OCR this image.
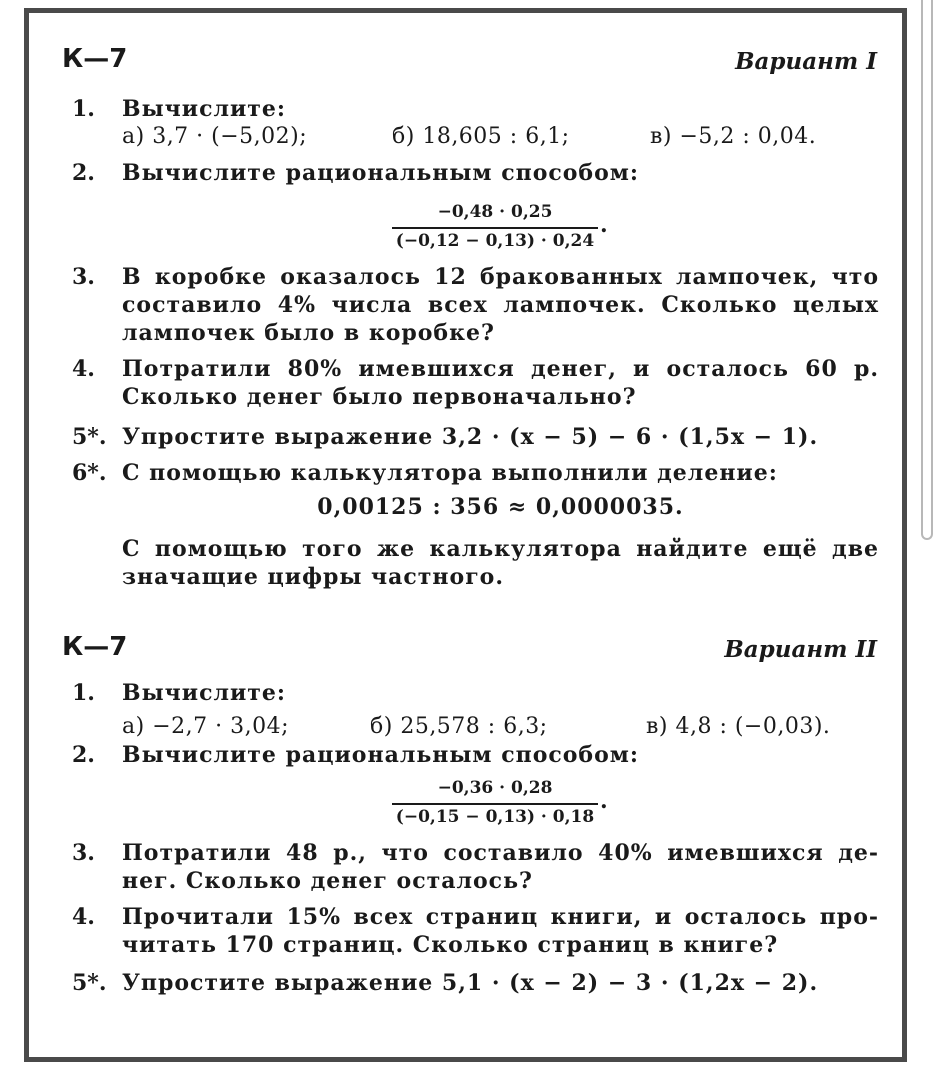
К—7	Вариант I
1. Вычислите:
а) 3,7 · (−5,02);	б) 18,605 : 6,1;	в) −5,2 : 0,04.
2. Вычислите рациональным способом:
−0,48 · 0,25
(−0,12 − 0,13) · 0,24
.
3. В коробке оказалось 12 бракованных лампочек, что
составило 4% числа всех лампочек. Сколько целых
лампочек было в коробке?
4. Потратили 80% имевшихся денег, и осталось 60 р.
Сколько денег было первоначально?
5*. Упростите выражение 3,2 · (x − 5) − 6 · (1,5x − 1).
6*. С помощью калькулятора выполнили деление:
0,00125 : 356 ≈ 0,0000035.
С помощью того же калькулятора найдите ещё две
значащие цифры частного.
К—7	Вариант II
1. Вычислите:
а) −2,7 · 3,04;	б) 25,578 : 6,3;	в) 4,8 : (−0,03).
2. Вычислите рациональным способом:
−0,36 · 0,28
(−0,15 − 0,13) · 0,18
.
3. Потратили 48 р., что составило 40% имевшихся де-
нег. Сколько денег осталось?
4. Прочитали 15% всех страниц книги, и осталось про-
читать 170 страниц. Сколько страниц в книге?
5*. Упростите выражение 5,1 · (x − 2) − 3 · (1,2x − 2).
